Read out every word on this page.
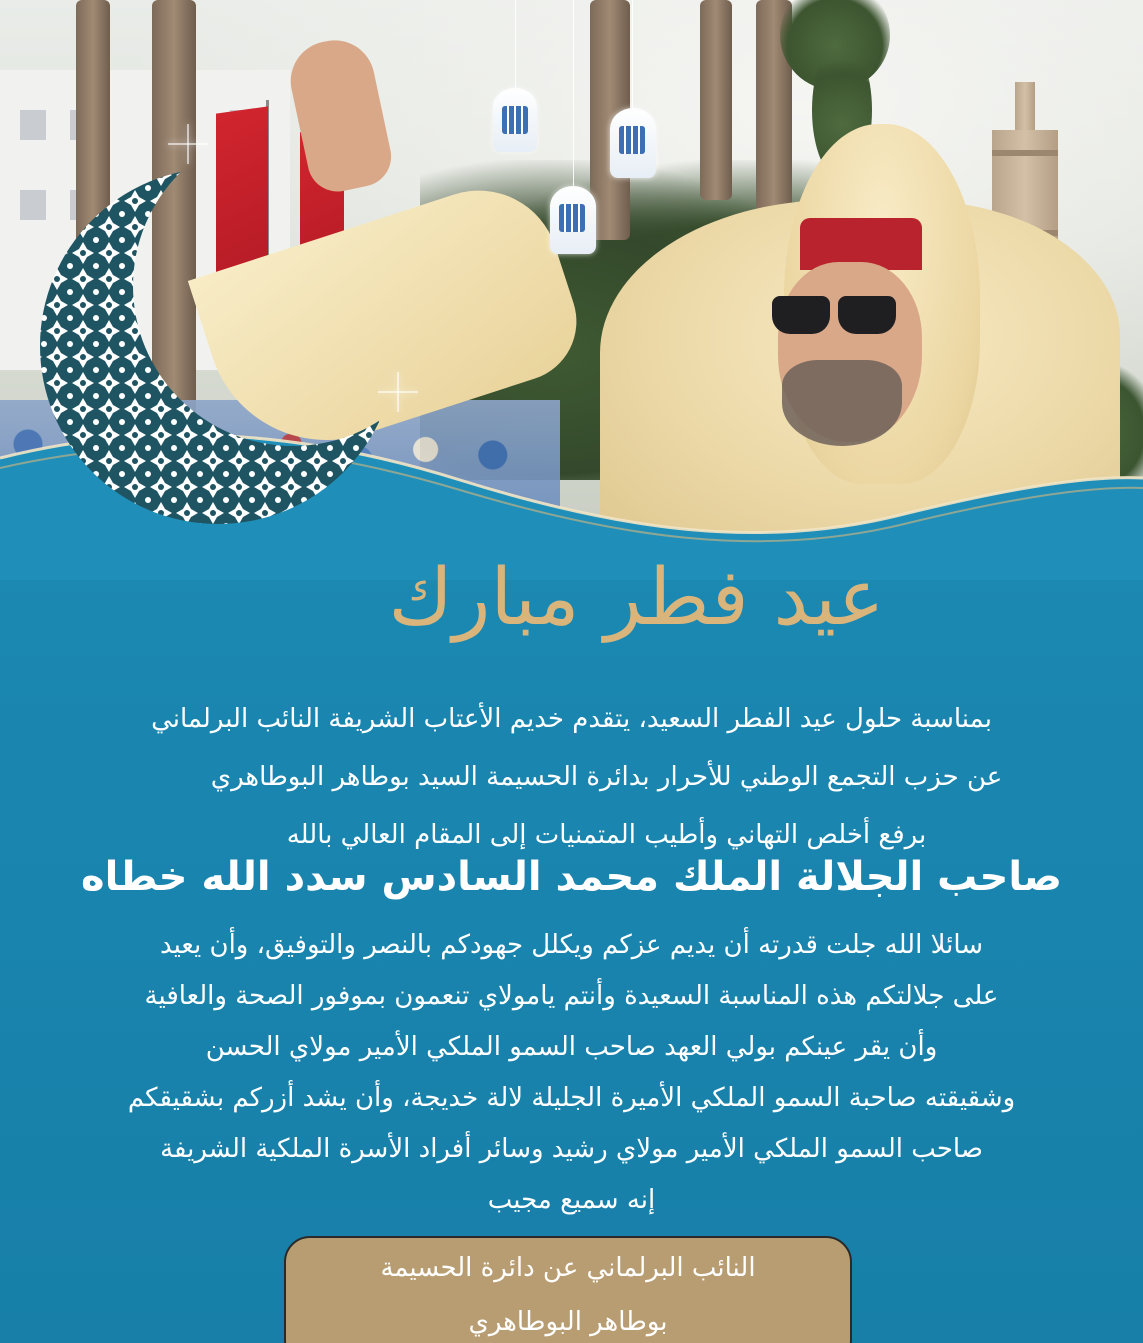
عيد فطر مبارك
بمناسبة حلول عيد الفطر السعيد، يتقدم خديم الأعتاب الشريفة النائب البرلماني
عن حزب التجمع الوطني للأحرار بدائرة الحسيمة السيد بوطاهر البوطاهري
برفع أخلص التهاني وأطيب المتمنيات إلى المقام العالي بالله
صاحب الجلالة الملك محمد السادس سدد الله خطاه
سائلا الله جلت قدرته أن يديم عزكم ويكلل جهودكم بالنصر والتوفيق، وأن يعيد
على جلالتكم هذه المناسبة السعيدة وأنتم يامولاي تنعمون بموفور الصحة والعافية
وأن يقر عينكم بولي العهد صاحب السمو الملكي الأمير مولاي الحسن
وشقيقته صاحبة السمو الملكي الأميرة الجليلة لالة خديجة، وأن يشد أزركم بشقيقكم
صاحب السمو الملكي الأمير مولاي رشيد وسائر أفراد الأسرة الملكية الشريفة
إنه سميع مجيب
النائب البرلماني عن دائرة الحسيمة
بوطاهر البوطاهري
